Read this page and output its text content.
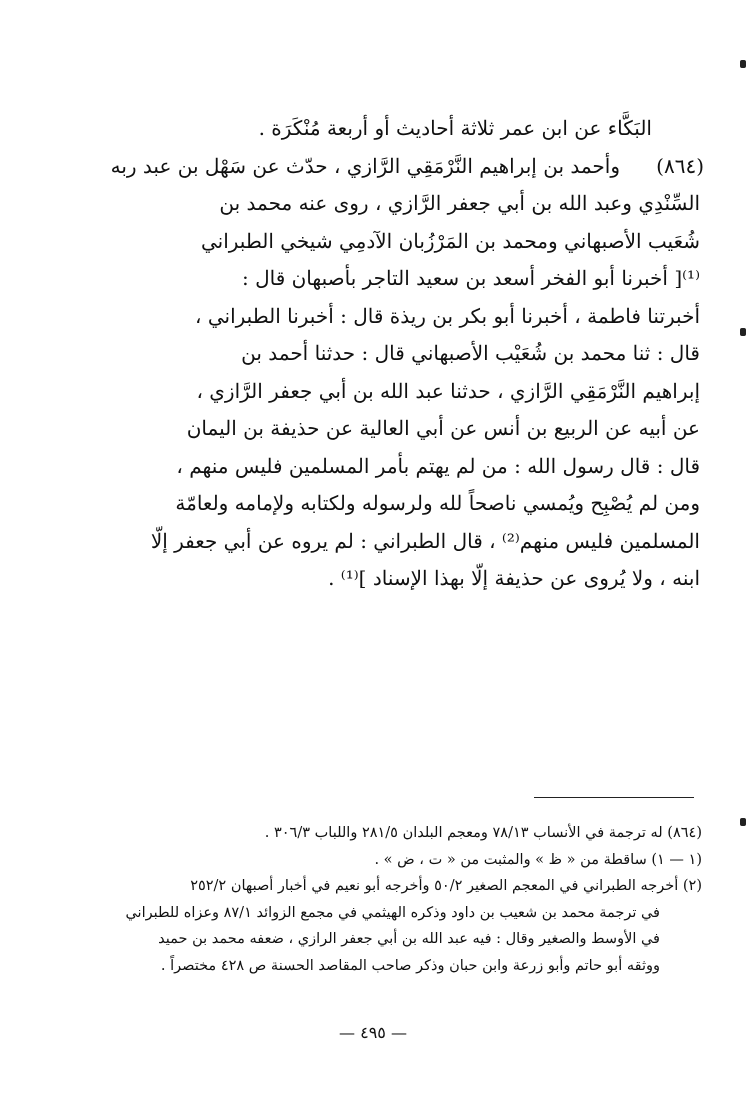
البَكَّاء عن ابن عمر ثلاثة أحاديث أو أربعة مُنْكَرَة .
(٨٦٤)
وأحمد بن إبراهيم النَّرْمَقِي الرَّازي ، حدّث عن سَهْل بن عبد ربه
السِّنْدِي وعبد الله بن أبي جعفر الرَّازي ، روى عنه محمد بن
شُعَيب الأصبهاني ومحمد بن المَرْزُبان الآدمِي شيخي الطبراني
⁽¹⁾[ أخبرنا أبو الفخر أسعد بن سعيد التاجر بأصبهان قال :
أخبرتنا فاطمة ، أخبرنا أبو بكر بن ريذة قال : أخبرنا الطبراني ،
قال : ثنا محمد بن شُعَيْب الأصبهاني قال : حدثنا أحمد بن
إبراهيم النَّرْمَقِي الرَّازي ، حدثنا عبد الله بن أبي جعفر الرَّازي ،
عن أبيه عن الربيع بن أنس عن أبي العالية عن حذيفة بن اليمان
قال : قال رسول الله : من لم يهتم بأمر المسلمين فليس منهم ،
ومن لم يُصْبِح ويُمسي ناصحاً لله ولرسوله ولكتابه ولإمامه ولعامّة
المسلمين فليس منهم⁽²⁾ ، قال الطبراني : لم يروه عن أبي جعفر إلّا
ابنه ، ولا يُروى عن حذيفة إلّا بهذا الإسناد ]⁽¹⁾ .
(٨٦٤) له ترجمة في الأنساب ٧٨/١٣ ومعجم البلدان ٢٨١/٥ واللباب ٣٠٦/٣ .
(١ — ١) ساقطة من « ظ » والمثبت من « ت ، ض » .
(٢) أخرجه الطبراني في المعجم الصغير ٥٠/٢ وأخرجه أبو نعيم في أخبار أصبهان ٢٥٢/٢
في ترجمة محمد بن شعيب بن داود وذكره الهيثمي في مجمع الزوائد ٨٧/١ وعزاه للطبراني
في الأوسط والصغير وقال : فيه عبد الله بن أبي جعفر الرازي ، ضعفه محمد بن حميد
ووثقه أبو حاتم وأبو زرعة وابن حبان وذكر صاحب المقاصد الحسنة ص ٤٢٨ مختصراً .
— ٤٩٥ —
